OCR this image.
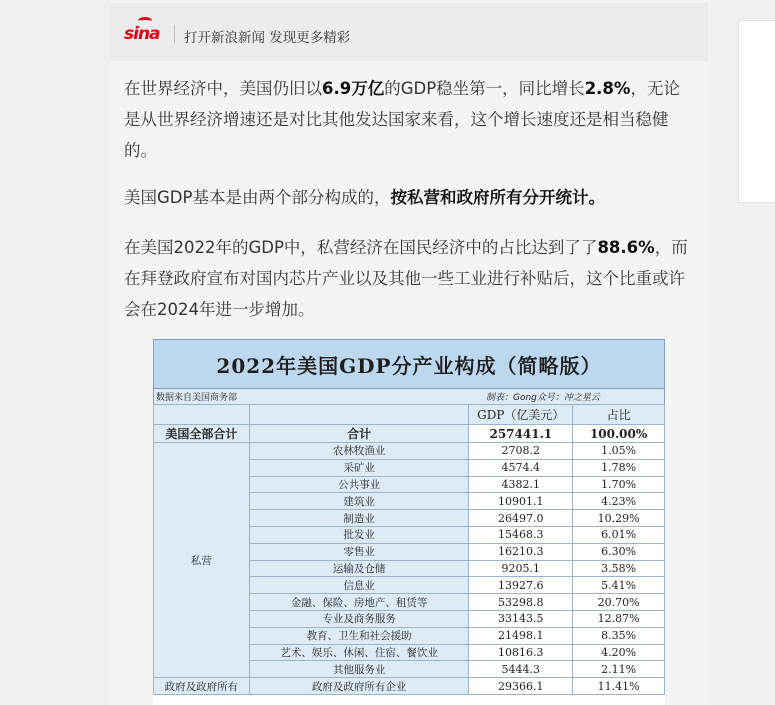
sina 打开新浪新闻 发现更多精彩

在世界经济中，美国仍旧以6.9万亿的GDP稳坐第一，同比增长2.8%，无论是从世界经济增速还是对比其他发达国家来看，这个增长速度还是相当稳健的。

美国GDP基本是由两个部分构成的，按私营和政府所有分开统计。

在美国2022年的GDP中，私营经济在国民经济中的占比达到了了88.6%，而在拜登政府宣布对国内芯片产业以及其他一些工业进行补贴后，这个比重或许会在2024年进一步增加。

2022年美国GDP分产业构成（简略版）
数据来自美国商务部	制表：Gong众号：冲之星云
		GDP（亿美元）	占比
美国全部合计	合计	257441.1	100.00%
私营	农林牧渔业	2708.2	1.05%
	采矿业	4574.4	1.78%
	公共事业	4382.1	1.70%
	建筑业	10901.1	4.23%
	制造业	26497.0	10.29%
	批发业	15468.3	6.01%
	零售业	16210.3	6.30%
	运输及仓储	9205.1	3.58%
	信息业	13927.6	5.41%
	金融、保险、房地产、租赁等	53298.8	20.70%
	专业及商务服务	33143.5	12.87%
	教育、卫生和社会援助	21498.1	8.35%
	艺术、娱乐、休闲、住宿、餐饮业	10816.3	4.20%
	其他服务业	5444.3	2.11%
政府及政府所有	政府及政府所有企业	29366.1	11.41%
